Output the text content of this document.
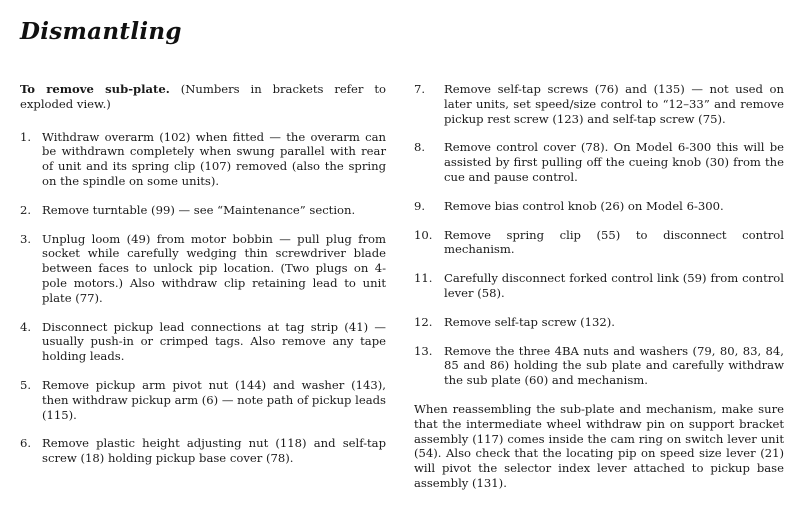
Dismantling

To remove sub-plate. (Numbers in brackets refer to exploded view.)

1. Withdraw overarm (102) when fitted — the overarm can be withdrawn completely when swung parallel with rear of unit and its spring clip (107) removed (also the spring on the spindle on some units).
2. Remove turntable (99) — see “Maintenance” section.
3. Unplug loom (49) from motor bobbin — pull plug from socket while carefully wedging thin screwdriver blade between faces to unlock pip location. (Two plugs on 4-pole motors.) Also withdraw clip retaining lead to unit plate (77).
4. Disconnect pickup lead connections at tag strip (41) — usually push-in or crimped tags. Also remove any tape holding leads.
5. Remove pickup arm pivot nut (144) and washer (143), then withdraw pickup arm (6) — note path of pickup leads (115).
6. Remove plastic height adjusting nut (118) and self-tap screw (18) holding pickup base cover (78).
7.	Remove self-tap screws (76) and (135) — not used on later units, set speed/size control to “12–33” and remove pickup rest screw (123) and self-tap screw (75).
8.	Remove control cover (78). On Model 6-300 this will be assisted by first pulling off the cueing knob (30) from the cue and pause control.
9.	Remove bias control knob (26) on Model 6-300.
10. Remove spring clip (55) to disconnect control mechanism.
11. Carefully disconnect forked control link (59) from control lever (58).
12. Remove self-tap screw (132).
13. Remove the three 4BA nuts and washers (79, 80, 83, 84, 85 and 86) holding the sub plate and carefully withdraw the sub plate (60) and mechanism.

When reassembling the sub-plate and mechanism, make sure that the intermediate wheel withdraw pin on support bracket assembly (117) comes inside the cam ring on switch lever unit (54). Also check that the locating pip on speed size lever (21) will pivot the selector index lever attached to pickup base assembly (131).
